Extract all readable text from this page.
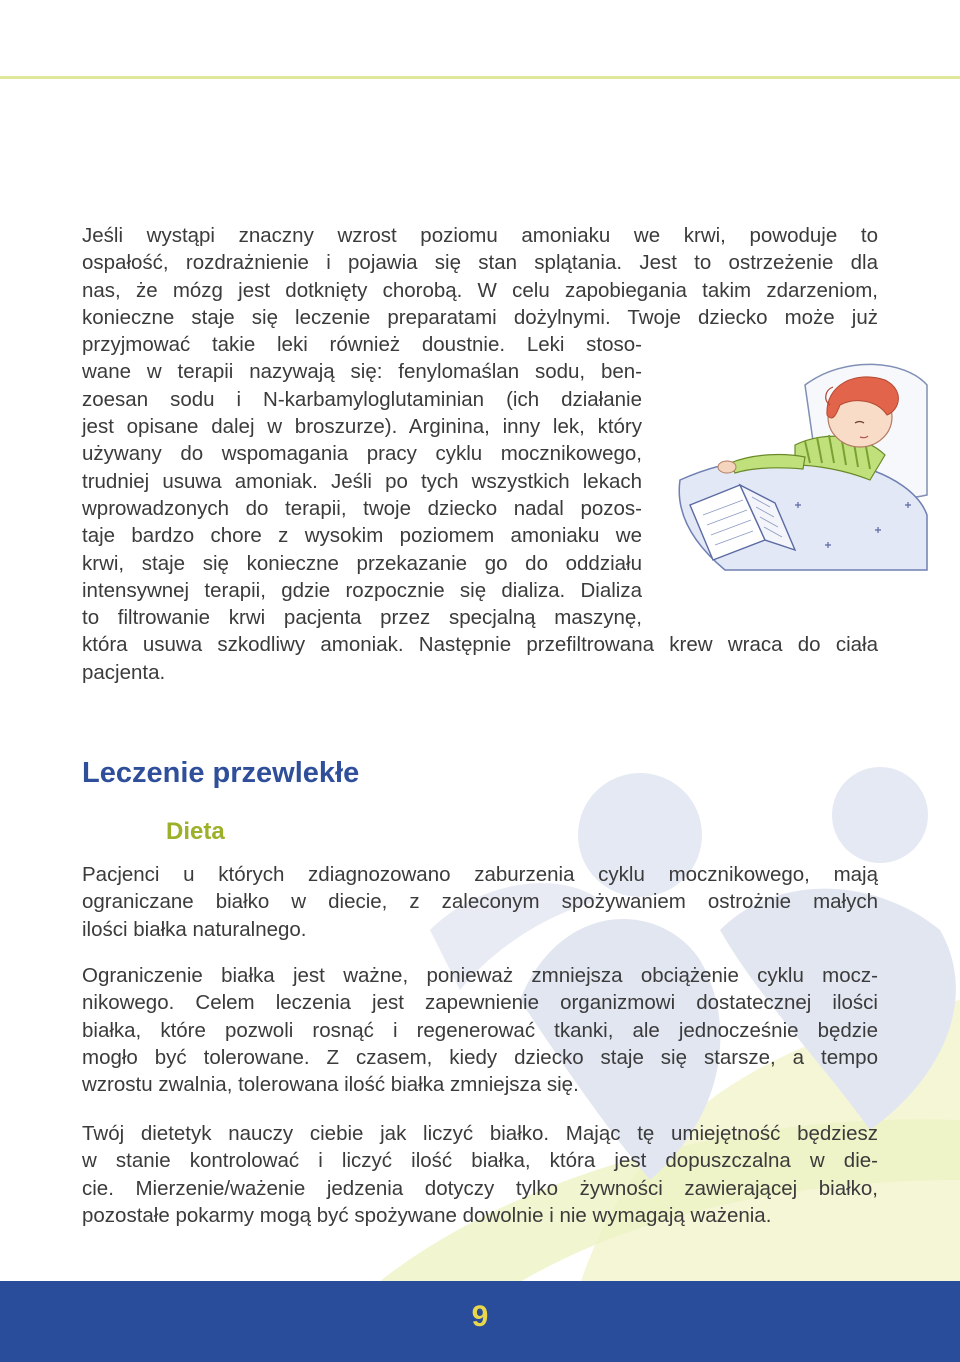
Jeśli wystąpi znaczny wzrost poziomu amoniaku we krwi, powoduje to
ospałość, rozdrażnienie i pojawia się stan splątania. Jest to ostrzeżenie dla
nas, że mózg jest dotknięty chorobą. W celu zapobiegania takim zdarzeniom,
konieczne staje się leczenie preparatami dożylnymi. Twoje dziecko może już
przyjmować takie leki również doustnie. Leki stoso-
wane w terapii nazywają się: fenylomaślan sodu, ben-
zoesan sodu i N-karbamyloglutaminian (ich działanie
jest opisane dalej w broszurze). Arginina, inny lek, który
używany do wspomagania pracy cyklu mocznikowego,
trudniej usuwa amoniak. Jeśli po tych wszystkich lekach
wprowadzonych do terapii, twoje dziecko nadal pozos-
taje bardzo chore z wysokim poziomem amoniaku we
krwi, staje się konieczne przekazanie go do oddziału
intensywnej terapii, gdzie rozpocznie się dializa. Dializa
to filtrowanie krwi pacjenta przez specjalną maszynę,
która usuwa szkodliwy amoniak. Następnie przefiltrowana krew wraca do ciała
pacjenta.

Leczenie przewlekłe
Dieta

Pacjenci u których zdiagnozowano zaburzenia cyklu mocznikowego, mają
ograniczane białko w diecie, z zaleconym spożywaniem ostrożnie małych
ilości białka naturalnego.

Ograniczenie białka jest ważne, ponieważ zmniejsza obciążenie cyklu mocz-
nikowego. Celem leczenia jest zapewnienie organizmowi dostatecznej ilości
białka, które pozwoli rosnąć i regenerować tkanki, ale jednocześnie będzie
mogło być tolerowane. Z czasem, kiedy dziecko staje się starsze, a tempo
wzrostu zwalnia, tolerowana ilość białka zmniejsza się.

Twój dietetyk nauczy ciebie jak liczyć białko. Mając tę umiejętność będziesz
w stanie kontrolować i liczyć ilość białka, która jest dopuszczalna w die-
cie. Mierzenie/ważenie jedzenia dotyczy tylko żywności zawierającej białko,
pozostałe pokarmy mogą być spożywane dowolnie i nie wymagają ważenia.

9
